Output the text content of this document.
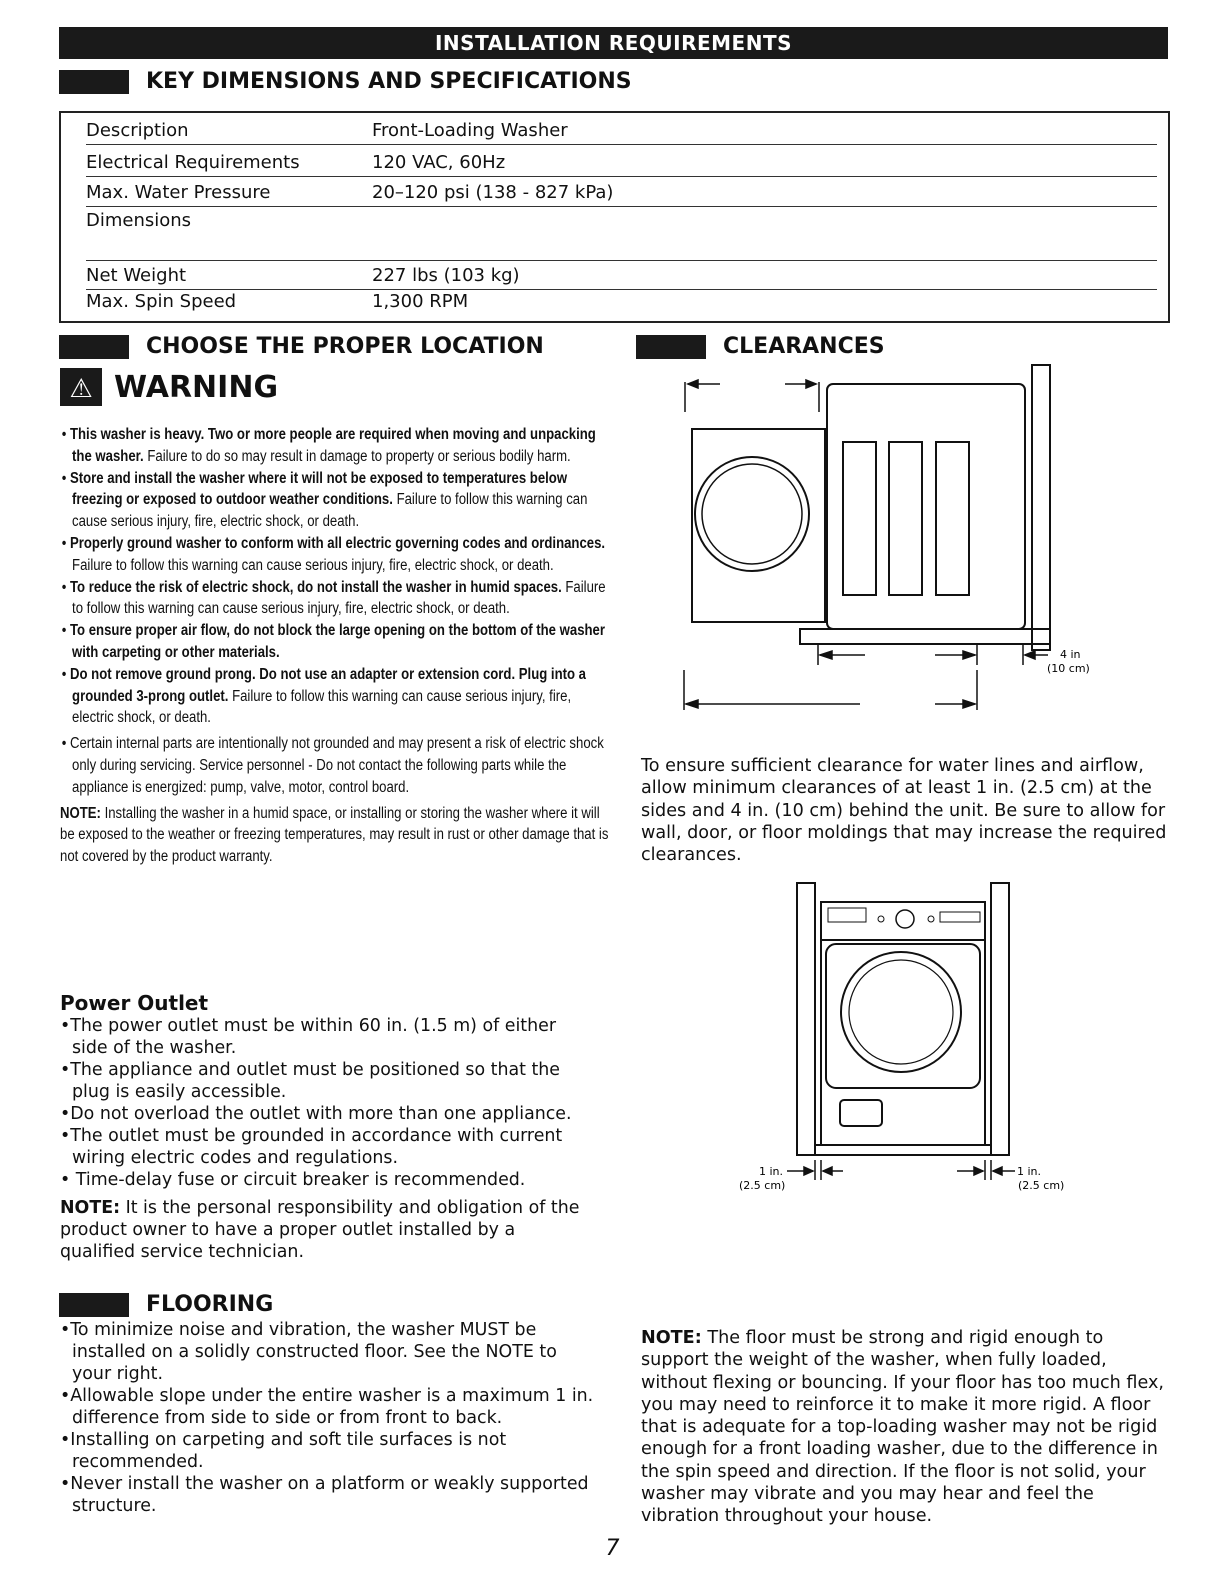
INSTALLATION REQUIREMENTS
KEY DIMENSIONS AND SPECIFICATIONS
Description	Front-Loading Washer
Electrical Requirements	120 VAC, 60Hz
Max. Water Pressure	20–120 psi (138 - 827 kPa)
Dimensions
Net Weight	227 lbs (103 kg)
Max. Spin Speed	1,300 RPM
CHOOSE THE PROPER LOCATION
⚠ WARNING
• This washer is heavy. Two or more people are required when moving and unpacking the washer. Failure to do so may result in damage to property or serious bodily harm.
• Store and install the washer where it will not be exposed to temperatures below freezing or exposed to outdoor weather conditions. Failure to follow this warning can cause serious injury, fire, electric shock, or death.
• Properly ground washer to conform with all electric governing codes and ordinances. Failure to follow this warning can cause serious injury, fire, electric shock, or death.
• To reduce the risk of electric shock, do not install the washer in humid spaces. Failure to follow this warning can cause serious injury, fire, electric shock, or death.
• To ensure proper air flow, do not block the large opening on the bottom of the washer with carpeting or other materials.
• Do not remove ground prong. Do not use an adapter or extension cord. Plug into a grounded 3-prong outlet. Failure to follow this warning can cause serious injury, fire, electric shock, or death.
• Certain internal parts are intentionally not grounded and may present a risk of electric shock only during servicing. Service personnel - Do not contact the following parts while the appliance is energized: pump, valve, motor, control board.
NOTE: Installing the washer in a humid space, or installing or storing the washer where it will be exposed to the weather or freezing temperatures, may result in rust or other damage that is not covered by the product warranty.
Power Outlet
•The power outlet must be within 60 in. (1.5 m) of either side of the washer.
•The appliance and outlet must be positioned so that the plug is easily accessible.
•Do not overload the outlet with more than one appliance.
•The outlet must be grounded in accordance with current wiring electric codes and regulations.
• Time-delay fuse or circuit breaker is recommended.
NOTE: It is the personal responsibility and obligation of the product owner to have a proper outlet installed by a qualified service technician.
FLOORING
•To minimize noise and vibration, the washer MUST be installed on a solidly constructed floor. See the NOTE to your right.
•Allowable slope under the entire washer is a maximum 1 in. difference from side to side or from front to back.
•Installing on carpeting and soft tile surfaces is not recommended.
•Never install the washer on a platform or weakly supported structure.
CLEARANCES
4 in
(10 cm)
To ensure sufficient clearance for water lines and airflow, allow minimum clearances of at least 1 in. (2.5 cm) at the sides and 4 in. (10 cm) behind the unit. Be sure to allow for wall, door, or floor moldings that may increase the required clearances.
1 in.
(2.5 cm)
1 in.
(2.5 cm)
NOTE: The floor must be strong and rigid enough to support the weight of the washer, when fully loaded, without flexing or bouncing. If your floor has too much flex, you may need to reinforce it to make it more rigid. A floor that is adequate for a top-loading washer may not be rigid enough for a front loading washer, due to the difference in the spin speed and direction. If the floor is not solid, your washer may vibrate and you may hear and feel the vibration throughout your house.
7
